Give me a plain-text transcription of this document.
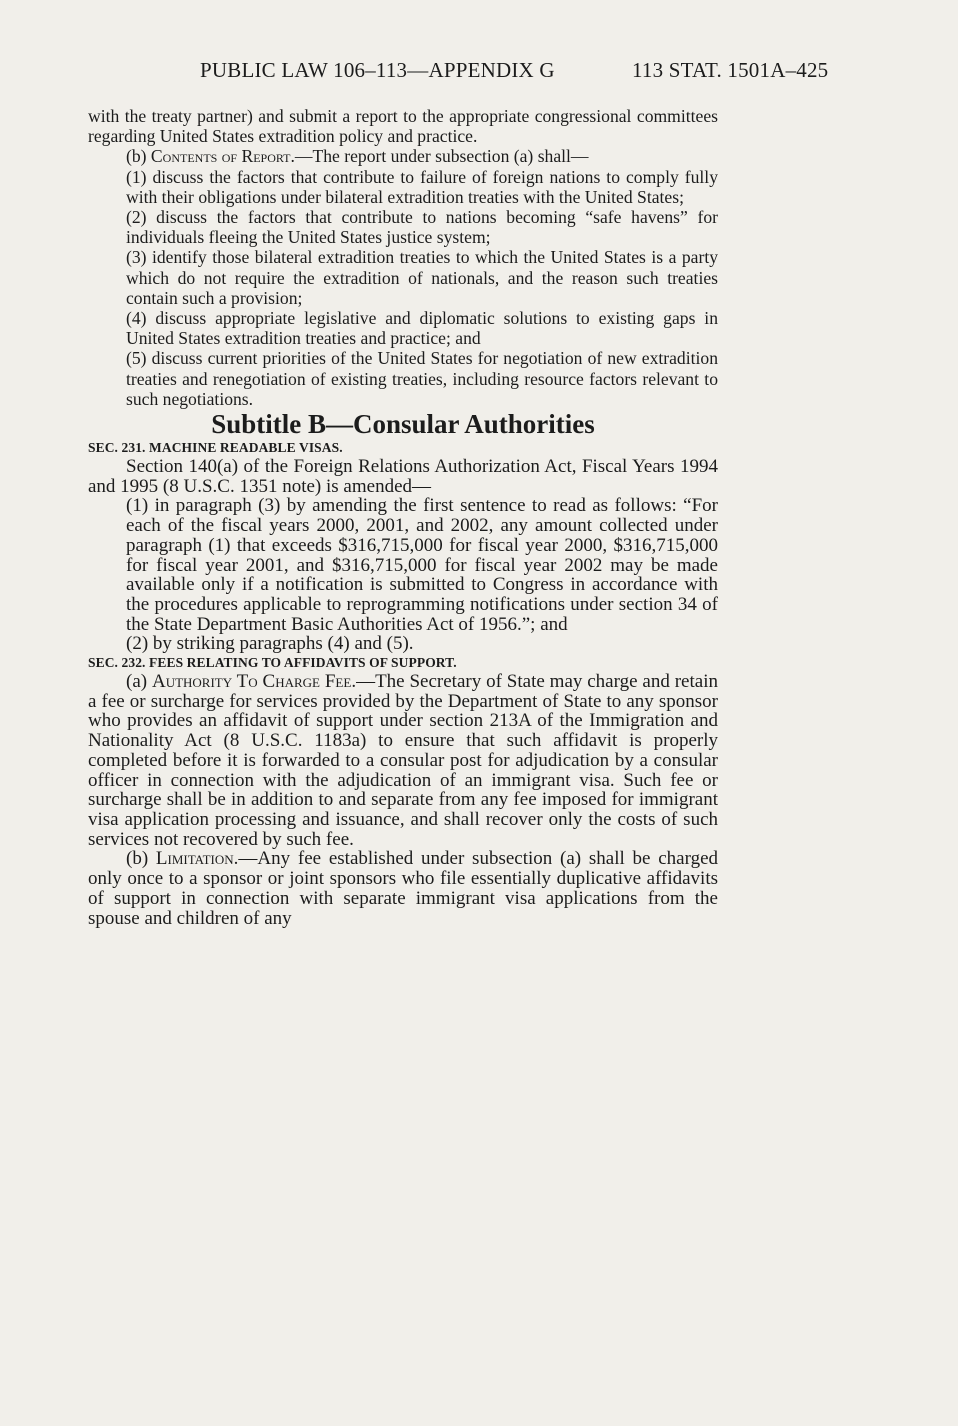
PUBLIC LAW 106–113—APPENDIX G	113 STAT. 1501A–425

with the treaty partner) and submit a report to the appropriate congressional committees regarding United States extradition policy and practice.

(b) Contents of Report.—The report under subsection (a) shall—

(1) discuss the factors that contribute to failure of foreign nations to comply fully with their obligations under bilateral extradition treaties with the United States;

(2) discuss the factors that contribute to nations becoming “safe havens” for individuals fleeing the United States justice system;

(3) identify those bilateral extradition treaties to which the United States is a party which do not require the extradition of nationals, and the reason such treaties contain such a provision;

(4) discuss appropriate legislative and diplomatic solutions to existing gaps in United States extradition treaties and practice; and

(5) discuss current priorities of the United States for negotiation of new extradition treaties and renegotiation of existing treaties, including resource factors relevant to such negotiations.

Subtitle B—Consular Authorities

SEC. 231. MACHINE READABLE VISAS.

Section 140(a) of the Foreign Relations Authorization Act, Fiscal Years 1994 and 1995 (8 U.S.C. 1351 note) is amended—

(1) in paragraph (3) by amending the first sentence to read as follows: “For each of the fiscal years 2000, 2001, and 2002, any amount collected under paragraph (1) that exceeds $316,715,000 for fiscal year 2000, $316,715,000 for fiscal year 2001, and $316,715,000 for fiscal year 2002 may be made available only if a notification is submitted to Congress in accordance with the procedures applicable to reprogramming notifications under section 34 of the State Department Basic Authorities Act of 1956.”; and

(2) by striking paragraphs (4) and (5).

SEC. 232. FEES RELATING TO AFFIDAVITS OF SUPPORT.

(a) Authority To Charge Fee.—The Secretary of State may charge and retain a fee or surcharge for services provided by the Department of State to any sponsor who provides an affidavit of support under section 213A of the Immigration and Nationality Act (8 U.S.C. 1183a) to ensure that such affidavit is properly completed before it is forwarded to a consular post for adjudication by a consular officer in connection with the adjudication of an immigrant visa. Such fee or surcharge shall be in addition to and separate from any fee imposed for immigrant visa application processing and issuance, and shall recover only the costs of such services not recovered by such fee.

(b) Limitation.—Any fee established under subsection (a) shall be charged only once to a sponsor or joint sponsors who file essentially duplicative affidavits of support in connection with separate immigrant visa applications from the spouse and children of any
